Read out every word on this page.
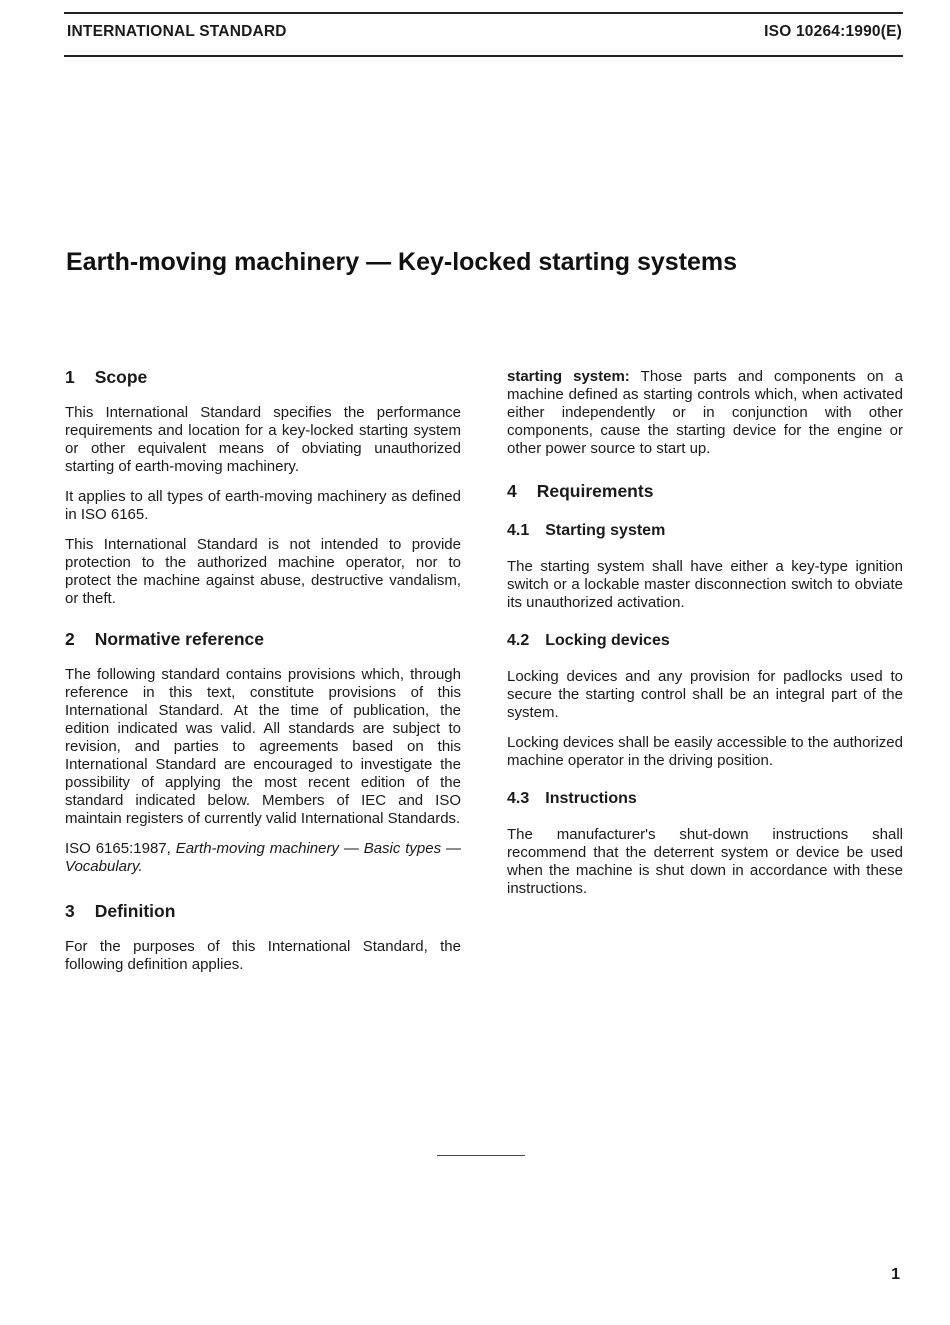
INTERNATIONAL STANDARD	ISO 10264:1990(E)
Earth-moving machinery — Key-locked starting systems
1 Scope

This International Standard specifies the performance requirements and location for a key-locked starting system or other equivalent means of obviating unauthorized starting of earth-moving machinery.

It applies to all types of earth-moving machinery as defined in ISO 6165.

This International Standard is not intended to provide protection to the authorized machine operator, nor to protect the machine against abuse, destructive vandalism, or theft.

2 Normative reference

The following standard contains provisions which, through reference in this text, constitute provisions of this International Standard. At the time of publication, the edition indicated was valid. All standards are subject to revision, and parties to agreements based on this International Standard are encouraged to investigate the possibility of applying the most recent edition of the standard indicated below. Members of IEC and ISO maintain registers of currently valid International Standards.

ISO 6165:1987, Earth-moving machinery — Basic types — Vocabulary.

3 Definition

For the purposes of this International Standard, the following definition applies.

starting system: Those parts and components on a machine defined as starting controls which, when activated either independently or in conjunction with other components, cause the starting device for the engine or other power source to start up.

4 Requirements
4.1 Starting system

The starting system shall have either a key-type ignition switch or a lockable master disconnection switch to obviate its unauthorized activation.

4.2 Locking devices

Locking devices and any provision for padlocks used to secure the starting control shall be an integral part of the system.

Locking devices shall be easily accessible to the authorized machine operator in the driving position.

4.3 Instructions

The manufacturer's shut-down instructions shall recommend that the deterrent system or device be used when the machine is shut down in accordance with these instructions.

1
